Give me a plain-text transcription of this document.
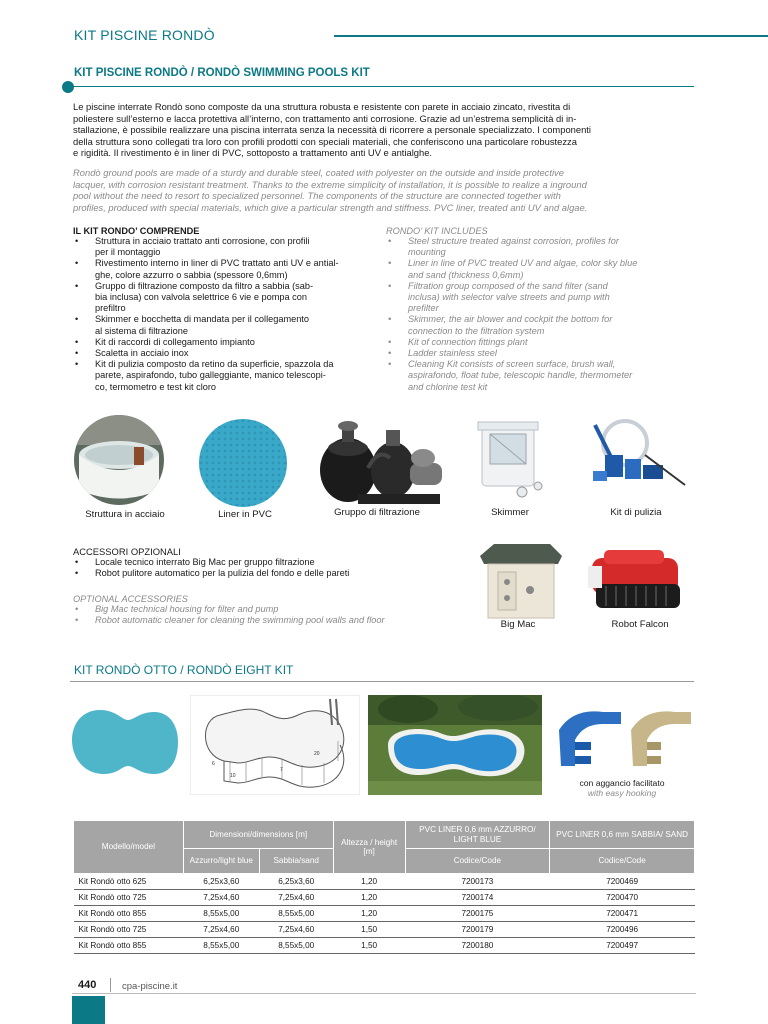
KIT PISCINE RONDÒ
KIT PISCINE RONDÒ / RONDÒ SWIMMING POOLS KIT
Le piscine interrate Rondò sono composte da una struttura robusta e resistente con parete in acciaio zincato, rivestita di
poliestere sull’esterno e lacca protettiva all’interno, con trattamento anti corrosione. Grazie ad un’estrema semplicità di in-
stallazione, è possibile realizzare una piscina interrata senza la necessità di ricorrere a personale specializzato. I componenti
della struttura sono collegati tra loro con profili prodotti con speciali materiali, che conferiscono una particolare robustezza
e rigidità. Il rivestimento è in liner di PVC, sottoposto a trattamento anti UV e antialghe.
Rondò ground pools are made of a sturdy and durable steel, coated with polyester on the outside and inside protective
lacquer, with corrosion resistant treatment. Thanks to the extreme simplicity of installation, it is possible to realize a inground
pool without the need to resort to specialized personnel. The components of the structure are connected together with
profiles, produced with special materials, which give a particular strength and stiffness. PVC liner, treated anti UV and algae.
IL KIT RONDO’ COMPRENDE
• Struttura in acciaio trattato anti corrosione, con profili
per il montaggio
• Rivestimento interno in liner di PVC trattato anti UV e antial-
ghe, colore azzurro o sabbia (spessore 0,6mm)
• Gruppo di filtrazione composto da filtro a sabbia (sab-
bia inclusa) con valvola selettrice 6 vie e pompa con
prefiltro
• Skimmer e bocchetta di mandata per il collegamento
al sistema di filtrazione
• Kit di raccordi di collegamento impianto
• Scaletta in acciaio inox
• Kit di pulizia composto da retino da superficie, spazzola da
parete, aspirafondo, tubo galleggiante, manico telescopi-
co, termometro e test kit cloro
RONDO’ KIT INCLUDES
• Steel structure treated against corrosion, profiles for
mounting
• Liner in line of PVC treated UV and algae, color sky blue
and sand (thickness 0,6mm)
• Filtration group composed of the sand filter (sand
inclusa) with selector valve streets and pump with
prefilter
• Skimmer, the air blower and cockpit the bottom for
connection to the filtration system
• Kit of connection fittings plant
• Ladder stainless steel
• Cleaning Kit consists of screen surface, brush wall,
aspirafondo, float tube, telescopic handle, thermometer
and chlorine test kit
Struttura in acciaio	Liner in PVC	Gruppo di filtrazione	Skimmer	Kit di pulizia
ACCESSORI OPZIONALI
• Locale tecnico interrato Big Mac per gruppo filtrazione
• Robot pulitore automatico per la pulizia del fondo e delle pareti
OPTIONAL ACCESSORIES
• Big Mac technical housing for filter and pump
• Robot automatic cleaner for cleaning the swimming pool walls and floor	Big Mac	Robot Falcon
KIT RONDÒ OTTO / RONDÒ EIGHT KIT
7
10
6
20
con aggancio facilitato
with easy hooking
Modello/model	Dimensioni/dimensions [m]		Altezza / height [m]	PVC LINER 0,6 mm AZZURRO/ LIGHT BLUE	PVC LINER 0,6 mm SABBIA/ SAND
	Azzurro/light blue	Sabbia/sand		Codice/Code	Codice/Code
Kit Rondò otto 625	6,25x3,60	6,25x3,60	1,20	7200173	7200469
Kit Rondò otto 725	7,25x4,60	7,25x4,60	1,20	7200174	7200470
Kit Rondò otto 855	8,55x5,00	8,55x5,00	1,20	7200175	7200471
Kit Rondò otto 725	7,25x4,60	7,25x4,60	1,50	7200179	7200496
Kit Rondò otto 855	8,55x5,00	8,55x5,00	1,50	7200180	7200497
440	cpa-piscine.it
